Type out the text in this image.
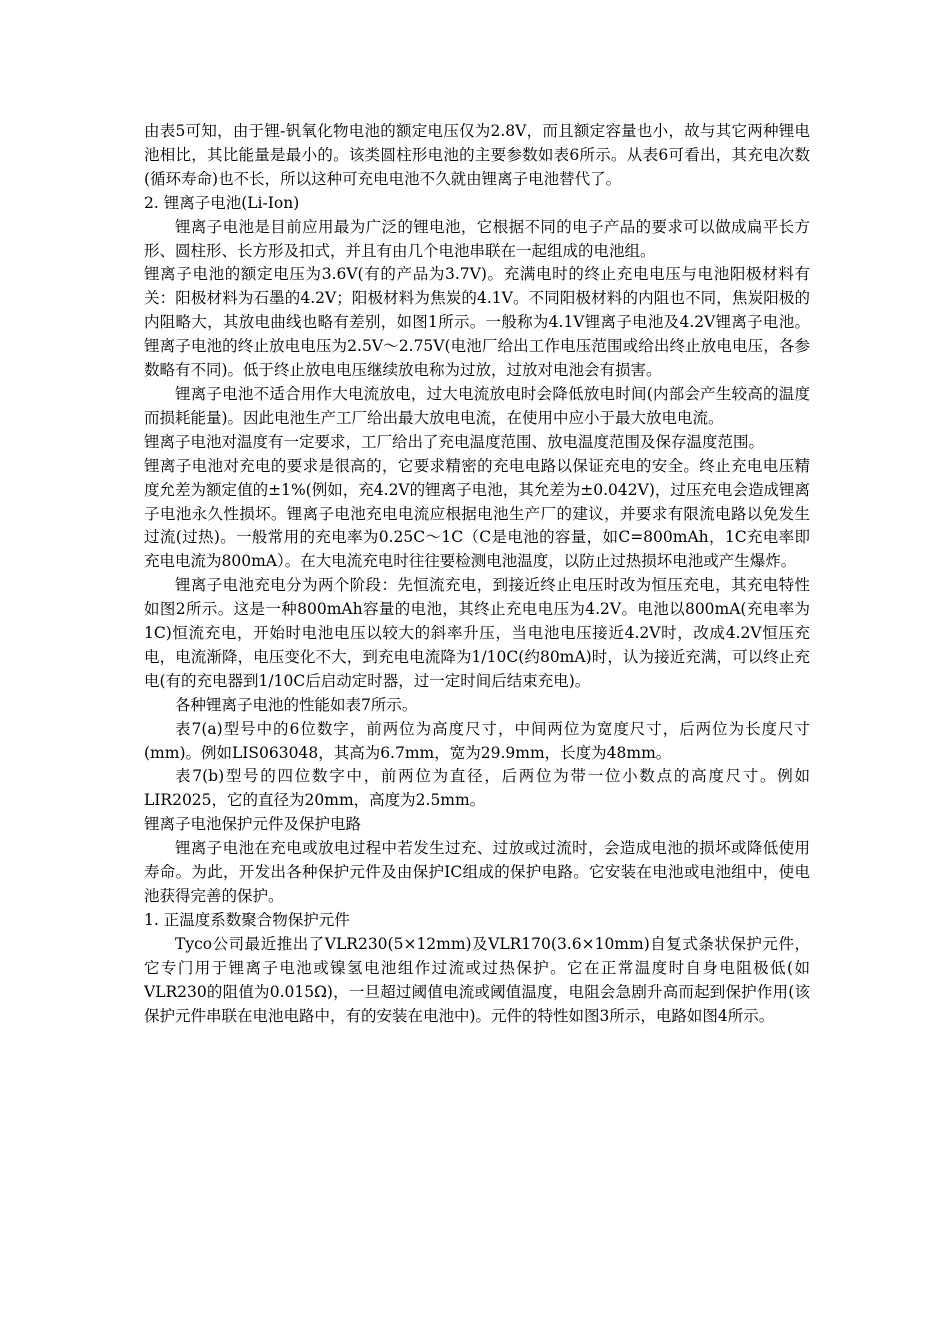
由表5可知，由于锂-钒氧化物电池的额定电压仅为2.8V，而且额定容量也小，故与其它两种锂电池相比，其比能量是最小的。该类圆柱形电池的主要参数如表6所示。从表6可看出，其充电次数(循环寿命)也不长，所以这种可充电电池不久就由锂离子电池替代了。

2. 锂离子电池(Li-Ion)

锂离子电池是目前应用最为广泛的锂电池，它根据不同的电子产品的要求可以做成扁平长方形、圆柱形、长方形及扣式，并且有由几个电池串联在一起组成的电池组。

锂离子电池的额定电压为3.6V(有的产品为3.7V)。充满电时的终止充电电压与电池阳极材料有关：阳极材料为石墨的4.2V；阳极材料为焦炭的4.1V。不同阳极材料的内阻也不同，焦炭阳极的内阻略大，其放电曲线也略有差别，如图1所示。一般称为4.1V锂离子电池及4.2V锂离子电池。锂离子电池的终止放电电压为2.5V～2.75V(电池厂给出工作电压范围或给出终止放电电压，各参数略有不同)。低于终止放电电压继续放电称为过放，过放对电池会有损害。

锂离子电池不适合用作大电流放电，过大电流放电时会降低放电时间(内部会产生较高的温度而损耗能量)。因此电池生产工厂给出最大放电电流，在使用中应小于最大放电电流。

锂离子电池对温度有一定要求，工厂给出了充电温度范围、放电温度范围及保存温度范围。

锂离子电池对充电的要求是很高的，它要求精密的充电电路以保证充电的安全。终止充电电压精度允差为额定值的±1%(例如，充4.2V的锂离子电池，其允差为±0.042V)，过压充电会造成锂离子电池永久性损坏。锂离子电池充电电流应根据电池生产厂的建议，并要求有限流电路以免发生过流(过热)。一般常用的充电率为0.25C～1C（C是电池的容量，如C=800mAh，1C充电率即充电电流为800mA）。在大电流充电时往往要检测电池温度，以防止过热损坏电池或产生爆炸。

锂离子电池充电分为两个阶段：先恒流充电，到接近终止电压时改为恒压充电，其充电特性如图2所示。这是一种800mAh容量的电池，其终止充电电压为4.2V。电池以800mA(充电率为1C)恒流充电，开始时电池电压以较大的斜率升压，当电池电压接近4.2V时，改成4.2V恒压充电，电流渐降，电压变化不大，到充电电流降为1/10C(约80mA)时，认为接近充满，可以终止充电(有的充电器到1/10C后启动定时器，过一定时间后结束充电)。

各种锂离子电池的性能如表7所示。

表7(a)型号中的6位数字，前两位为高度尺寸，中间两位为宽度尺寸，后两位为长度尺寸(mm)。例如LIS063048，其高为6.7mm，宽为29.9mm，长度为48mm。

表7(b)型号的四位数字中，前两位为直径，后两位为带一位小数点的高度尺寸。例如LIR2025，它的直径为20mm，高度为2.5mm。

锂离子电池保护元件及保护电路

锂离子电池在充电或放电过程中若发生过充、过放或过流时，会造成电池的损坏或降低使用寿命。为此，开发出各种保护元件及由保护IC组成的保护电路。它安装在电池或电池组中，使电池获得完善的保护。

1. 正温度系数聚合物保护元件

Tyco公司最近推出了VLR230(5×12mm)及VLR170(3.6×10mm)自复式条状保护元件，它专门用于锂离子电池或镍氢电池组作过流或过热保护。它在正常温度时自身电阻极低(如VLR230的阻值为0.015Ω)，一旦超过阈值电流或阈值温度，电阻会急剧升高而起到保护作用(该保护元件串联在电池电路中，有的安装在电池中)。元件的特性如图3所示，电路如图4所示。
